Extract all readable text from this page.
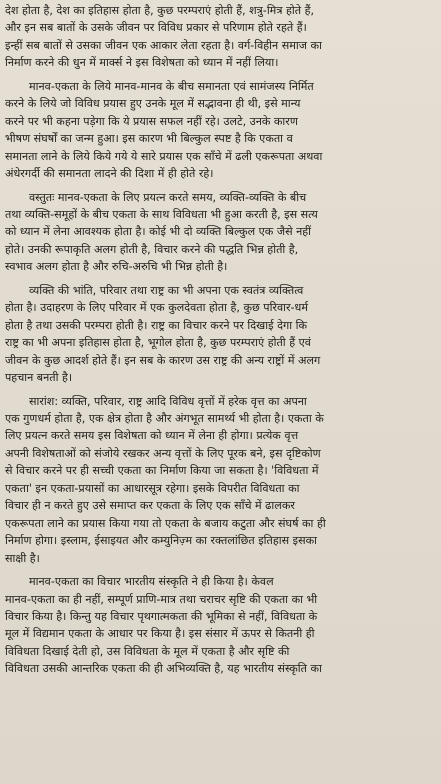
देश होता है, देश का इतिहास होता है, कुछ परम्पराएं होती हैं, शत्रु-मित्र होते हैं,
और इन सब बातों के उसके जीवन पर विविध प्रकार से परिणाम होते रहते हैं।
इन्हीं सब बातों से उसका जीवन एक आकार लेता रहता है। वर्ग-विहीन समाज का
निर्माण करने की धुन में मार्क्स ने इस विशेषता को ध्यान में नहीं लिया।
मानव-एकता के लिये मानव-मानव के बीच समानता एवं सामंजस्य निर्मित
करने के लिये जो विविध प्रयास हुए उनके मूल में सद्भावना ही थी, इसे मान्य
करने पर भी कहना पड़ेगा कि ये प्रयास सफल नहीं रहे। उलटे, उनके कारण
भीषण संघर्षों का जन्म हुआ। इस कारण भी बिल्कुल स्पष्ट है कि एकता व
समानता लाने के लिये किये गये ये सारे प्रयास एक साँचे में ढली एकरूपता अथवा
अंधेरगर्दी की समानता लादने की दिशा में ही होते रहे।
वस्तुतः मानव-एकता के लिए प्रयत्न करते समय, व्यक्ति-व्यक्ति के बीच
तथा व्यक्ति-समूहों के बीच एकता के साथ विविधता भी हुआ करती है, इस सत्य
को ध्यान में लेना आवश्यक होता है। कोई भी दो व्यक्ति बिल्कुल एक जैसे नहीं
होते। उनकी रूपाकृति अलग होती है, विचार करने की पद्धति भिन्न होती है,
स्वभाव अलग होता है और रुचि-अरुचि भी भिन्न होती है।
व्यक्ति की भांति, परिवार तथा राष्ट्र का भी अपना एक स्वतंत्र व्यक्तित्व
होता है। उदाहरण के लिए परिवार में एक कुलदेवता होता है, कुछ परिवार-धर्म
होता है तथा उसकी परम्परा होती है। राष्ट्र का विचार करने पर दिखाई देगा कि
राष्ट्र का भी अपना इतिहास होता है, भूगोल होता है, कुछ परम्पराएं होती हैं एवं
जीवन के कुछ आदर्श होते हैं। इन सब के कारण उस राष्ट्र की अन्य राष्ट्रों में अलग
पहचान बनती है।
सारांश: व्यक्ति, परिवार, राष्ट्र आदि विविध वृत्तों में हरेक वृत्त का अपना
एक गुणधर्म होता है, एक क्षेत्र होता है और अंगभूत सामर्थ्य भी होता है। एकता के
लिए प्रयत्न करते समय इस विशेषता को ध्यान में लेना ही होगा। प्रत्येक वृत्त
अपनी विशेषताओं को संजोये रखकर अन्य वृत्तों के लिए पूरक बने, इस दृष्टिकोण
से विचार करने पर ही सच्ची एकता का निर्माण किया जा सकता है। 'विविधता में
एकता' इन एकता-प्रयासों का आधारसूत्र रहेगा। इसके विपरीत विविधता का
विचार ही न करते हुए उसे समाप्त कर एकता के लिए एक साँचे में ढालकर
एकरूपता लाने का प्रयास किया गया तो एकता के बजाय कटुता और संघर्ष का ही
निर्माण होगा। इस्लाम, ईसाइयत और कम्युनिज़्म का रक्तलांछित इतिहास इसका
साक्षी है।
मानव-एकता का विचार भारतीय संस्कृति ने ही किया है। केवल
मानव-एकता का ही नहीं, सम्पूर्ण प्राणि-मात्र तथा चराचर सृष्टि की एकता का भी
विचार किया है। किन्तु यह विचार पृथगात्मकता की भूमिका से नहीं, विविधता के
मूल में विद्यमान एकता के आधार पर किया है। इस संसार में ऊपर से कितनी ही
विविधता दिखाई देती हो, उस विविधता के मूल में एकता है और सृष्टि की
विविधता उसकी आन्तरिक एकता की ही अभिव्यक्ति है, यह भारतीय संस्कृति का
